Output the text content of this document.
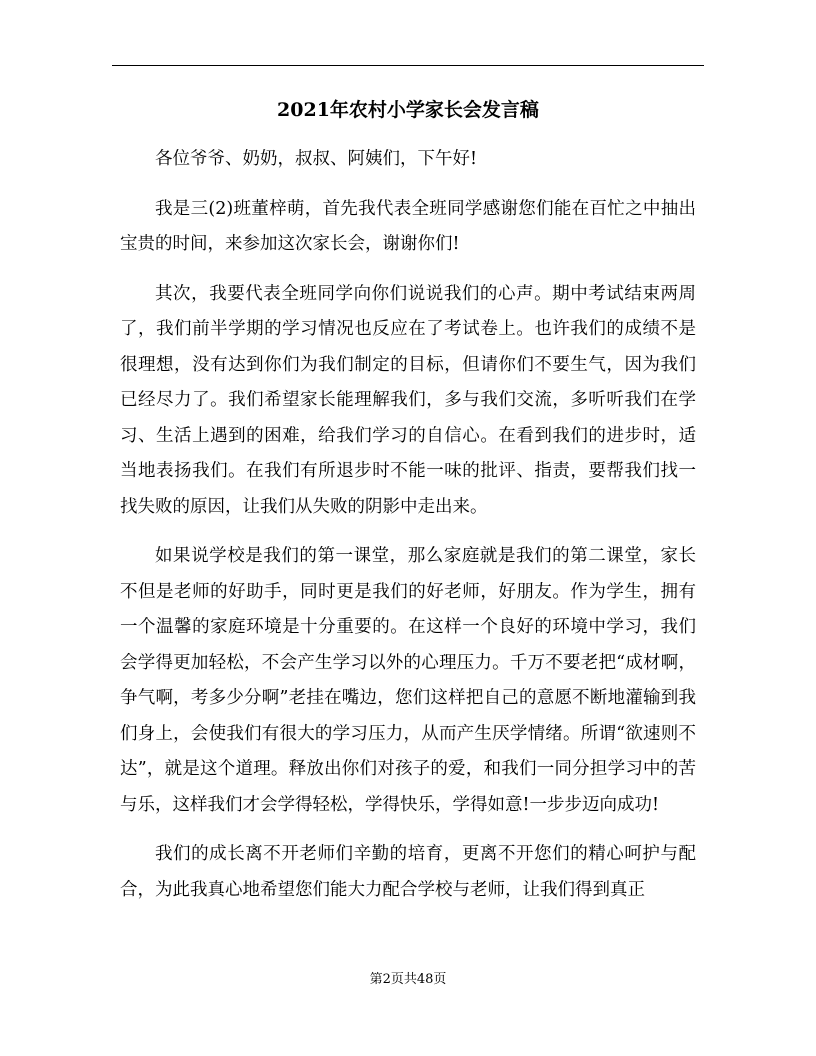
2021年农村小学家长会发言稿

各位爷爷、奶奶，叔叔、阿姨们，下午好!

我是三(2)班董梓萌，首先我代表全班同学感谢您们能在百忙之中抽出宝贵的时间，来参加这次家长会，谢谢你们!

其次，我要代表全班同学向你们说说我们的心声。期中考试结束两周了，我们前半学期的学习情况也反应在了考试卷上。也许我们的成绩不是很理想，没有达到你们为我们制定的目标，但请你们不要生气，因为我们已经尽力了。我们希望家长能理解我们，多与我们交流，多听听我们在学习、生活上遇到的困难，给我们学习的自信心。在看到我们的进步时，适当地表扬我们。在我们有所退步时不能一味的批评、指责，要帮我们找一找失败的原因，让我们从失败的阴影中走出来。

如果说学校是我们的第一课堂，那么家庭就是我们的第二课堂，家长不但是老师的好助手，同时更是我们的好老师，好朋友。作为学生，拥有一个温馨的家庭环境是十分重要的。在这样一个良好的环境中学习，我们会学得更加轻松，不会产生学习以外的心理压力。千万不要老把“成材啊，争气啊，考多少分啊”老挂在嘴边，您们这样把自己的意愿不断地灌输到我们身上，会使我们有很大的学习压力，从而产生厌学情绪。所谓“欲速则不达”，就是这个道理。释放出你们对孩子的爱，和我们一同分担学习中的苦与乐，这样我们才会学得轻松，学得快乐，学得如意!一步步迈向成功!

我们的成长离不开老师们辛勤的培育，更离不开您们的精心呵护与配合，为此我真心地希望您们能大力配合学校与老师，让我们得到真正

第2页共48页
